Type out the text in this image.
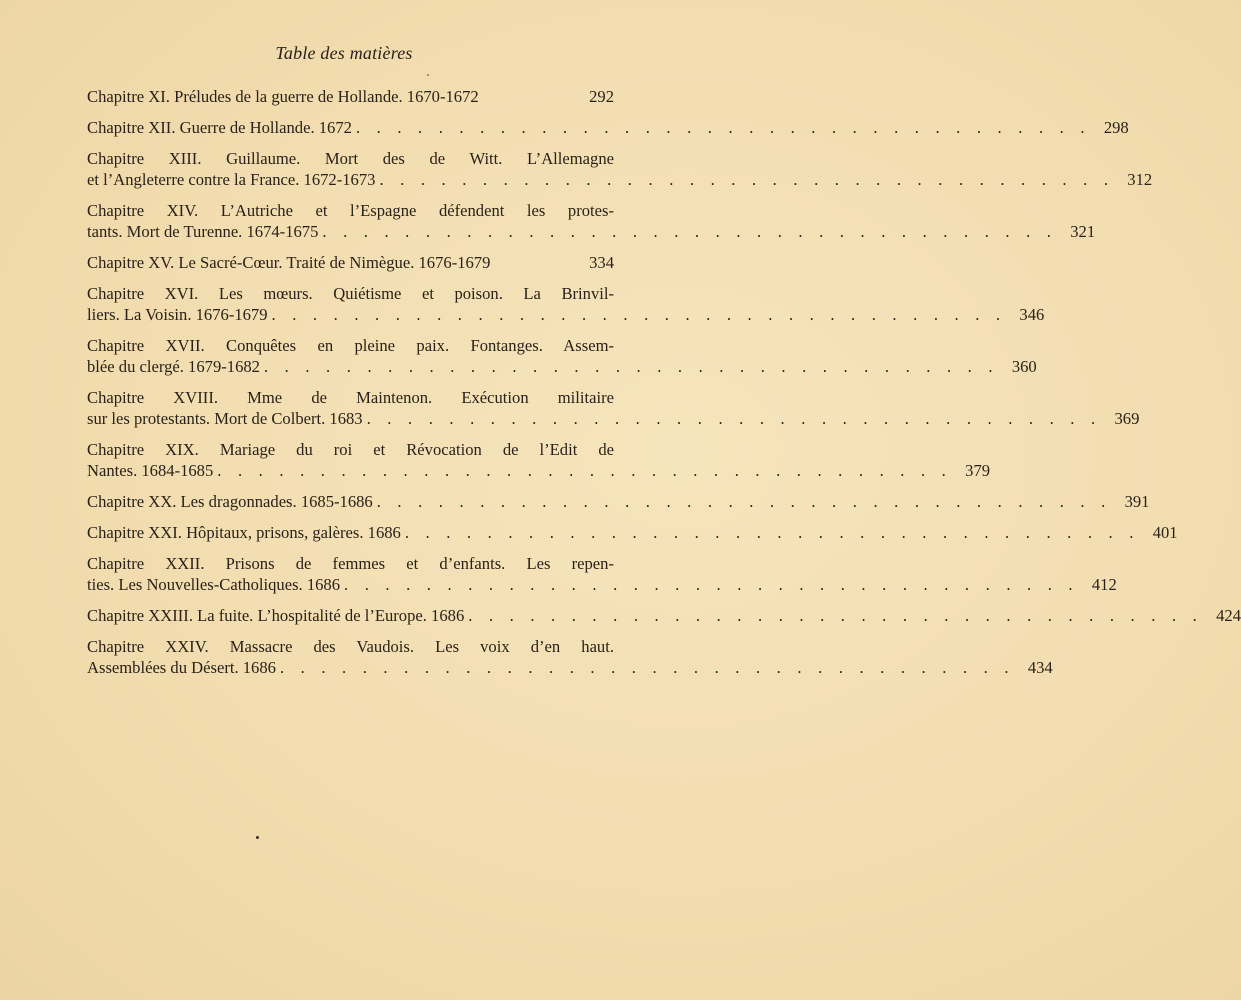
Table des matières
Chapitre XI. Préludes de la guerre de Hollande. 1670-1672	292
Chapitre XII. Guerre de Hollande. 1672 . . . . . . . . . . . . . . . . . . . . . . . . . . . . . . . . . . . . 298
Chapitre XIII. Guillaume. Mort des de Witt. L’Allemagne
et l’Angleterre contre la France. 1672-1673 . . . . . . . . . . . . . . . . . . . . . . . . . . . . . . . . . . . . 312
Chapitre XIV. L’Autriche et l’Espagne défendent les protes-
tants. Mort de Turenne. 1674-1675 . . . . . . . . . . . . . . . . . . . . . . . . . . . . . . . . . . . . 321
Chapitre XV. Le Sacré-Cœur. Traité de Nimègue. 1676-1679	334
Chapitre XVI. Les mœurs. Quiétisme et poison. La Brinvil-
liers. La Voisin. 1676-1679 . . . . . . . . . . . . . . . . . . . . . . . . . . . . . . . . . . . . 346
Chapitre XVII. Conquêtes en pleine paix. Fontanges. Assem-
blée du clergé. 1679-1682 . . . . . . . . . . . . . . . . . . . . . . . . . . . . . . . . . . . . 360
Chapitre XVIII. Mme de Maintenon. Exécution militaire
sur les protestants. Mort de Colbert. 1683 . . . . . . . . . . . . . . . . . . . . . . . . . . . . . . . . . . . . 369
Chapitre XIX. Mariage du roi et Révocation de l’Edit de
Nantes. 1684-1685 . . . . . . . . . . . . . . . . . . . . . . . . . . . . . . . . . . . . 379
Chapitre XX. Les dragonnades. 1685-1686 . . . . . . . . . . . . . . . . . . . . . . . . . . . . . . . . . . . . 391
Chapitre XXI. Hôpitaux, prisons, galères. 1686 . . . . . . . . . . . . . . . . . . . . . . . . . . . . . . . . . . . . 401
Chapitre XXII. Prisons de femmes et d’enfants. Les repen-
ties. Les Nouvelles-Catholiques. 1686 . . . . . . . . . . . . . . . . . . . . . . . . . . . . . . . . . . . . 412
Chapitre XXIII. La fuite. L’hospitalité de l’Europe. 1686 . . . . . . . . . . . . . . . . . . . . . . . . . . . . . . . . . . . . 424
Chapitre XXIV. Massacre des Vaudois. Les voix d’en haut.
Assemblées du Désert. 1686 . . . . . . . . . . . . . . . . . . . . . . . . . . . . . . . . . . . . 434
